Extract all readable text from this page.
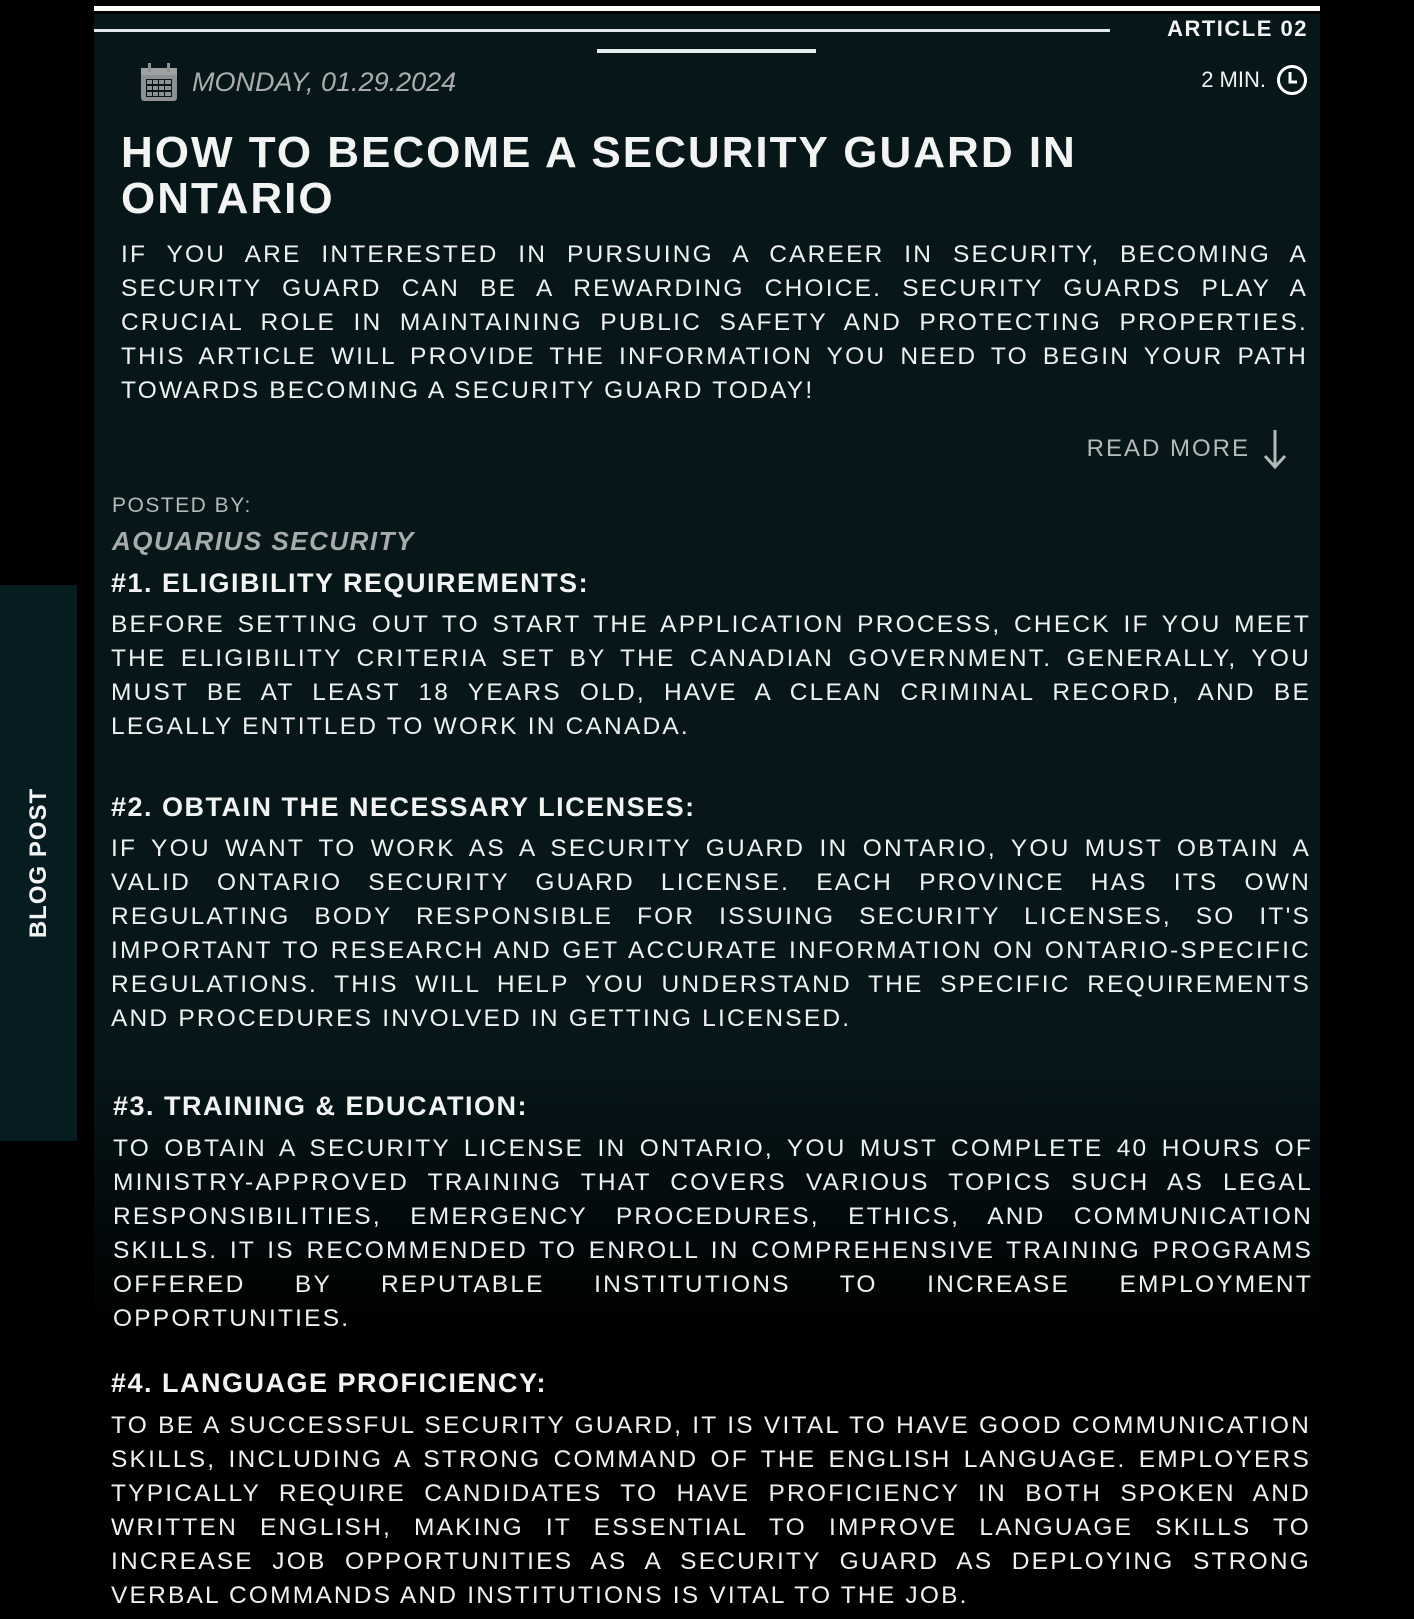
ARTICLE 02
MONDAY, 01.29.2024	2 MIN.
HOW TO BECOME A SECURITY GUARD IN ONTARIO

IF YOU ARE INTERESTED IN PURSUING A CAREER IN SECURITY, BECOMING A SECURITY GUARD CAN BE A REWARDING CHOICE. SECURITY GUARDS PLAY A CRUCIAL ROLE IN MAINTAINING PUBLIC SAFETY AND PROTECTING PROPERTIES. THIS ARTICLE WILL PROVIDE THE INFORMATION YOU NEED TO BEGIN YOUR PATH TOWARDS BECOMING A SECURITY GUARD TODAY!

READ MORE
POSTED BY:
AQUARIUS SECURITY
#1. ELIGIBILITY REQUIREMENTS:

BEFORE SETTING OUT TO START THE APPLICATION PROCESS, CHECK IF YOU MEET THE ELIGIBILITY CRITERIA SET BY THE CANADIAN GOVERNMENT. GENERALLY, YOU MUST BE AT LEAST 18 YEARS OLD, HAVE A CLEAN CRIMINAL RECORD, AND BE LEGALLY ENTITLED TO WORK IN CANADA.

#2. OBTAIN THE NECESSARY LICENSES:

IF YOU WANT TO WORK AS A SECURITY GUARD IN ONTARIO, YOU MUST OBTAIN A VALID ONTARIO SECURITY GUARD LICENSE. EACH PROVINCE HAS ITS OWN REGULATING BODY RESPONSIBLE FOR ISSUING SECURITY LICENSES, SO IT'S IMPORTANT TO RESEARCH AND GET ACCURATE INFORMATION ON ONTARIO-SPECIFIC REGULATIONS. THIS WILL HELP YOU UNDERSTAND THE SPECIFIC REQUIREMENTS AND PROCEDURES INVOLVED IN GETTING LICENSED.

#3. TRAINING & EDUCATION:

TO OBTAIN A SECURITY LICENSE IN ONTARIO, YOU MUST COMPLETE 40 HOURS OF MINISTRY-APPROVED TRAINING THAT COVERS VARIOUS TOPICS SUCH AS LEGAL RESPONSIBILITIES, EMERGENCY PROCEDURES, ETHICS, AND COMMUNICATION SKILLS. IT IS RECOMMENDED TO ENROLL IN COMPREHENSIVE TRAINING PROGRAMS OFFERED BY REPUTABLE INSTITUTIONS TO INCREASE EMPLOYMENT OPPORTUNITIES.

#4. LANGUAGE PROFICIENCY:

TO BE A SUCCESSFUL SECURITY GUARD, IT IS VITAL TO HAVE GOOD COMMUNICATION SKILLS, INCLUDING A STRONG COMMAND OF THE ENGLISH LANGUAGE. EMPLOYERS TYPICALLY REQUIRE CANDIDATES TO HAVE PROFICIENCY IN BOTH SPOKEN AND WRITTEN ENGLISH, MAKING IT ESSENTIAL TO IMPROVE LANGUAGE SKILLS TO INCREASE JOB OPPORTUNITIES AS A SECURITY GUARD AS DEPLOYING STRONG VERBAL COMMANDS AND INSTITUTIONS IS VITAL TO THE JOB.

BLOG POST
